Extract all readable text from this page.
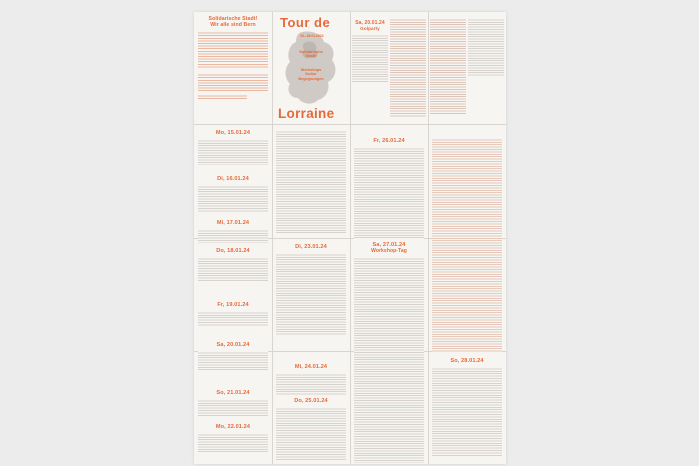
Solidarische Stadt!

Wir alle sind Bern

Mo, 15.01.24

Di, 16.01.24

Mi, 17.01.24

Do, 18.01.24

Fr, 19.01.24

Sa, 20.01.24

So, 21.01.24

Mo, 22.01.24

Tour de
15.–28.01.2024
Solidarische
Stadt!
Workshops
Kultur
Begegnungen
Lorraine

Di, 23.01.24

Mi, 24.01.24

Do, 25.01.24

Sa, 20.01.24

Golparty

Fr, 26.01.24

Sa, 27.01.24

Workshop-Tag

So, 28.01.24
